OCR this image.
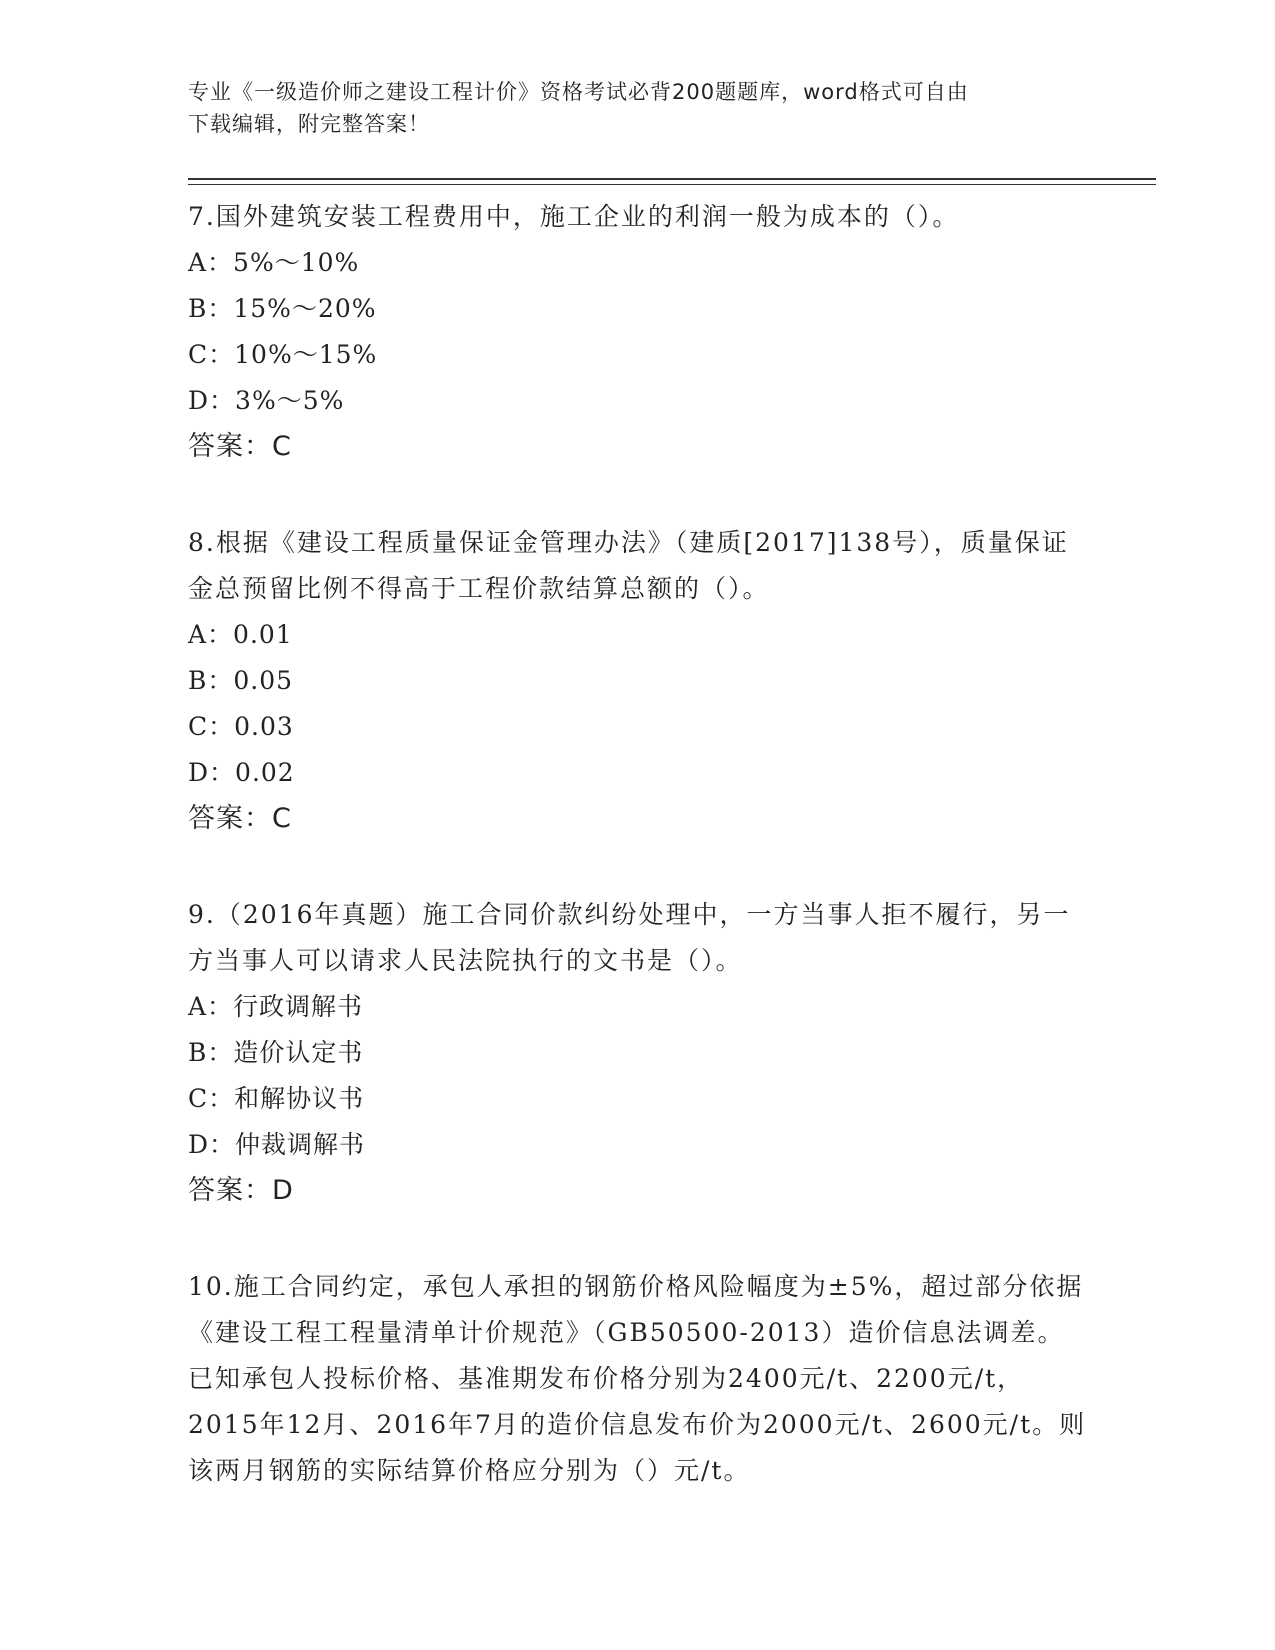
专业《一级造价师之建设工程计价》资格考试必背200题题库，word格式可自由
下载编辑，附完整答案！
7.国外建筑安装工程费用中，施工企业的利润一般为成本的（）。
A：5%～10%
B：15%～20%
C：10%～15%
D：3%～5%
答案：C
8.根据《建设工程质量保证金管理办法》（建质[2017]138号），质量保证金总预留比例不得高于工程价款结算总额的（）。
A：0.01
B：0.05
C：0.03
D：0.02
答案：C
9.（2016年真题）施工合同价款纠纷处理中，一方当事人拒不履行，另一方当事人可以请求人民法院执行的文书是（）。
A：行政调解书
B：造价认定书
C：和解协议书
D：仲裁调解书
答案：D
10.施工合同约定，承包人承担的钢筋价格风险幅度为±5%，超过部分依据《建设工程工程量清单计价规范》（GB50500-2013）造价信息法调差。已知承包人投标价格、基准期发布价格分别为2400元/t、2200元/t，2015年12月、2016年7月的造价信息发布价为2000元/t、2600元/t。则该两月钢筋的实际结算价格应分别为（）元/t。
